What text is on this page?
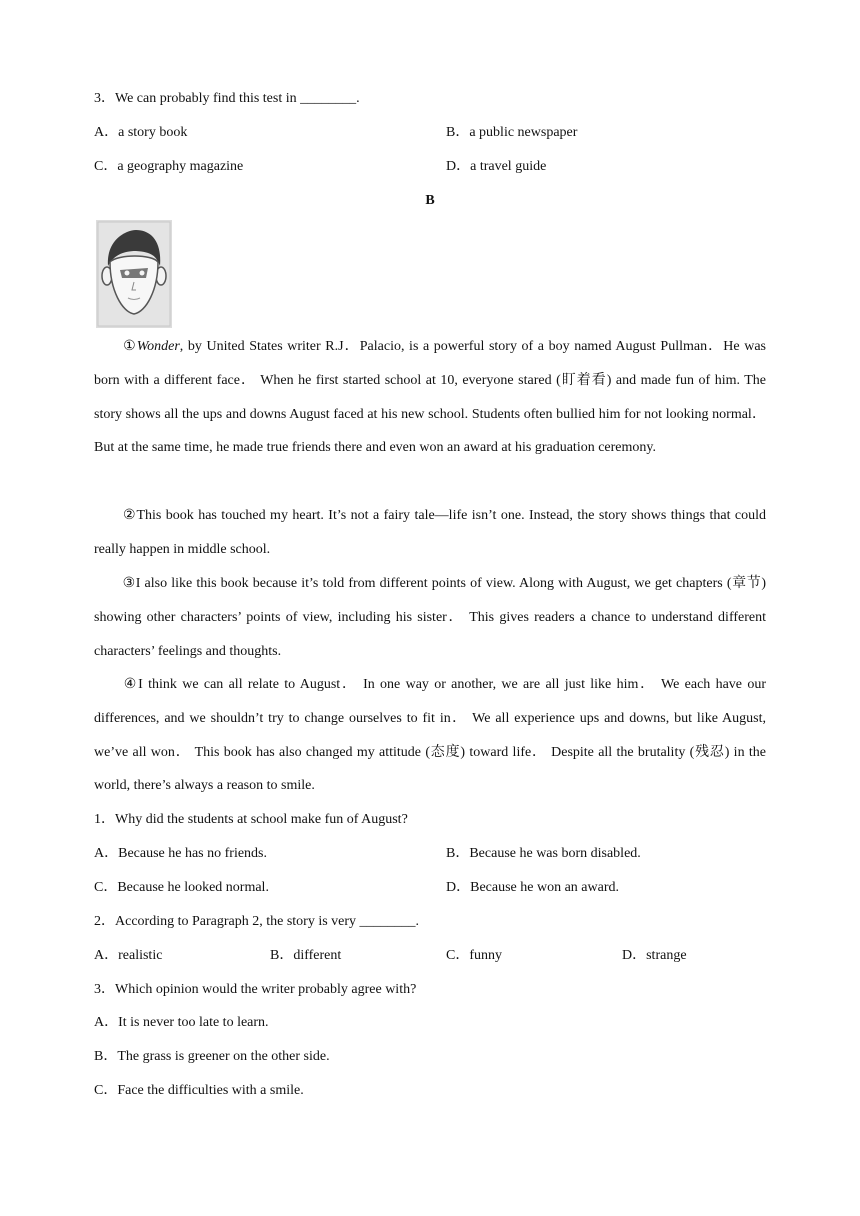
3．We can probably find this test in ________.
A．a story book	B．a public newspaper
C．a geography magazine	D．a travel guide
B
①Wonder, by United States writer R.J．Palacio, is a powerful story of a boy named August Pullman．He was born with a different face． When he first started school at 10, everyone stared (盯着看) and made fun of him. The story shows all the ups and downs August faced at his new school. Students often bullied him for not looking normal． But at the same time, he made true friends there and even won an award at his graduation ceremony.
②This book has touched my heart. It’s not a fairy tale—life isn’t one. Instead, the story shows things that could really happen in middle school.
③I also like this book because it’s told from different points of view. Along with August, we get chapters (章节) showing other characters’ points of view, including his sister． This gives readers a chance to understand different characters’ feelings and thoughts.
④I think we can all relate to August． In one way or another, we are all just like him． We each have our differences, and we shouldn’t try to change ourselves to fit in． We all experience ups and downs, but like August, we’ve all won． This book has also changed my attitude (态度) toward life． Despite all the brutality (残忍) in the world, there’s always a reason to smile.
1．Why did the students at school make fun of August?
A．Because he has no friends.	B．Because he was born disabled.
C．Because he looked normal.	D．Because he won an award.
2．According to Paragraph 2, the story is very ________.
A．realistic	B．different	C．funny	D．strange
3．Which opinion would the writer probably agree with?
A．It is never too late to learn.
B．The grass is greener on the other side.
C．Face the difficulties with a smile.
